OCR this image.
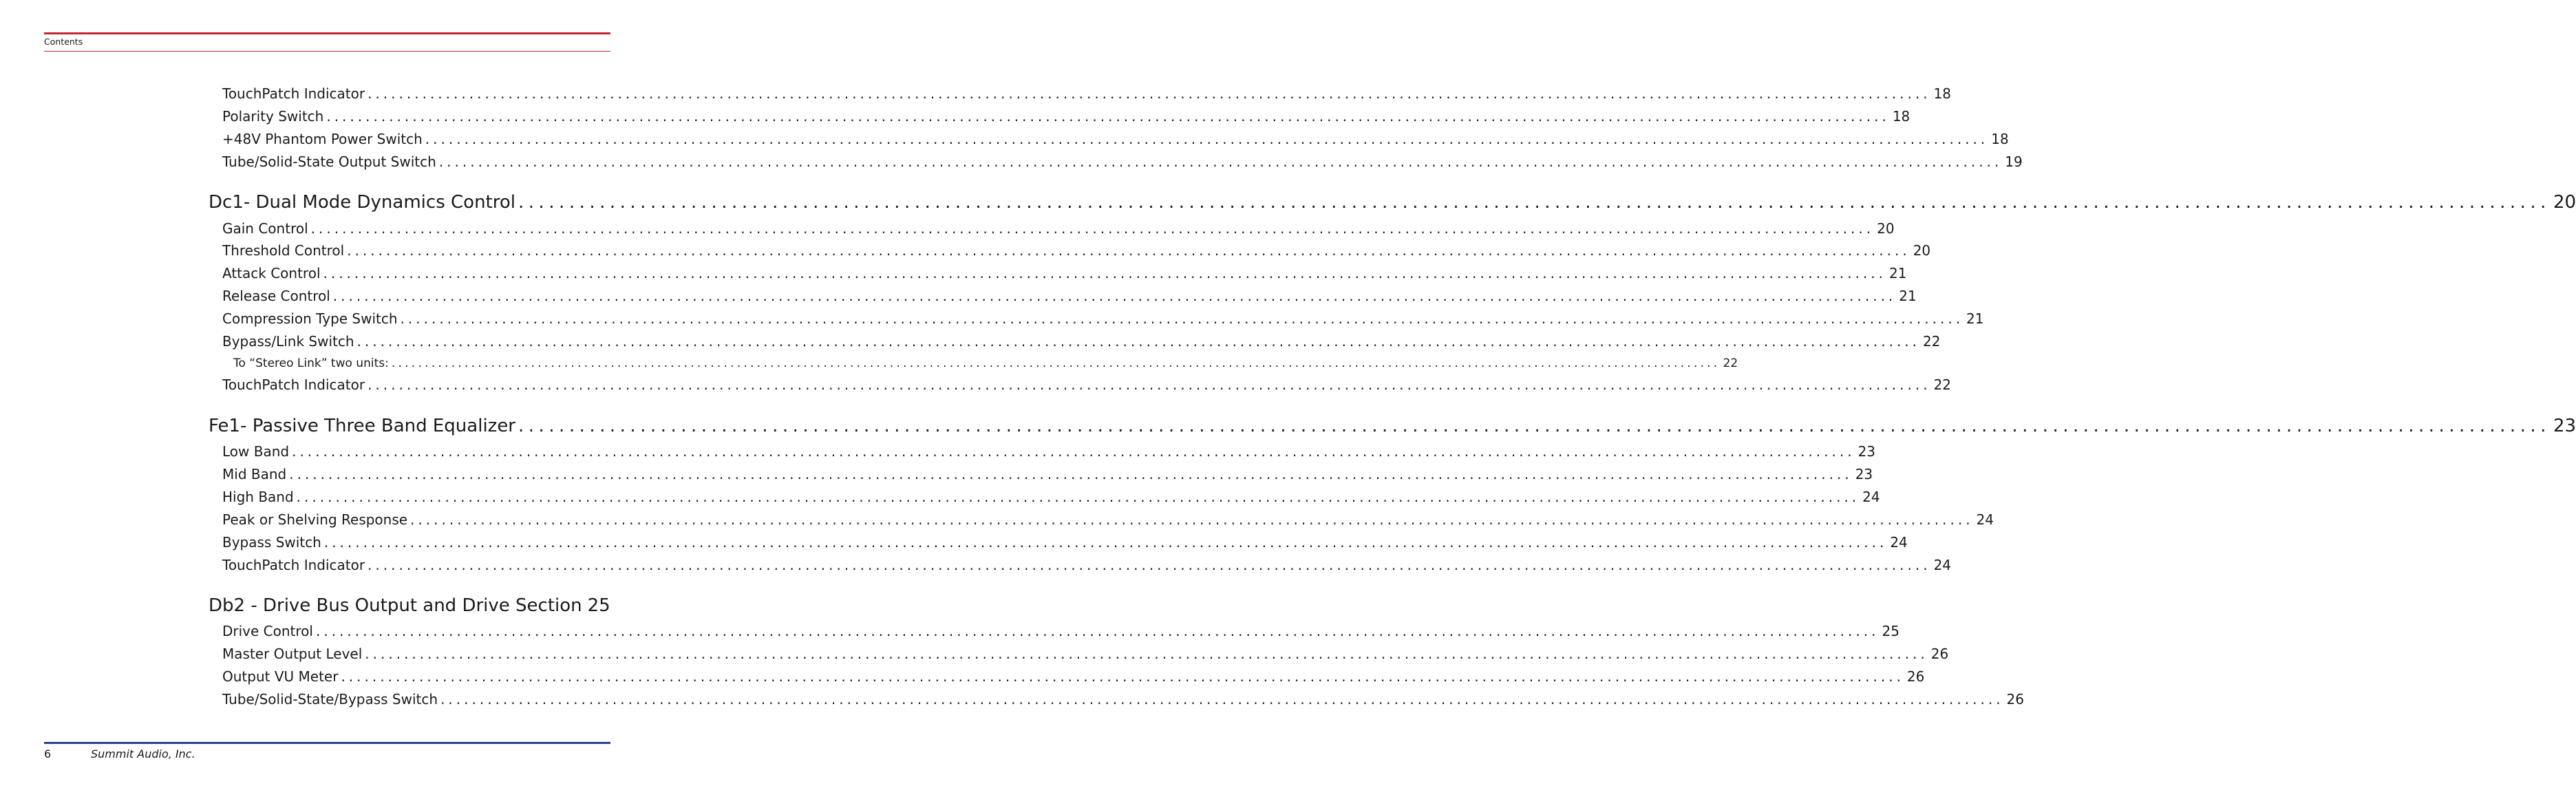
Contents
TouchPatch Indicator ........................................................................................................................................................................................................ 18
Polarity Switch ........................................................................................................................................................................................................ 18
+48V Phantom Power Switch ........................................................................................................................................................................................................ 18
Tube/Solid-State Output Switch ........................................................................................................................................................................................................ 19
Dc1- Dual Mode Dynamics Control ........................................................................................................................................................................................................ 20
Gain Control ........................................................................................................................................................................................................ 20
Threshold Control ........................................................................................................................................................................................................ 20
Attack Control ........................................................................................................................................................................................................ 21
Release Control ........................................................................................................................................................................................................ 21
Compression Type Switch ........................................................................................................................................................................................................ 21
Bypass/Link Switch ........................................................................................................................................................................................................ 22
To “Stereo Link” two units: ........................................................................................................................................................................................................ 22
TouchPatch Indicator ........................................................................................................................................................................................................ 22
Fe1- Passive Three Band Equalizer ........................................................................................................................................................................................................ 23
Low Band ........................................................................................................................................................................................................ 23
Mid Band ........................................................................................................................................................................................................ 23
High Band ........................................................................................................................................................................................................ 24
Peak or Shelving Response ........................................................................................................................................................................................................ 24
Bypass Switch ........................................................................................................................................................................................................ 24
TouchPatch Indicator ........................................................................................................................................................................................................ 24
Db2 - Drive Bus Output and Drive Section 25
Drive Control ........................................................................................................................................................................................................ 25
Master Output Level ........................................................................................................................................................................................................ 26
Output VU Meter ........................................................................................................................................................................................................ 26
Tube/Solid-State/Bypass Switch ........................................................................................................................................................................................................ 26
6	Summit Audio, Inc.
